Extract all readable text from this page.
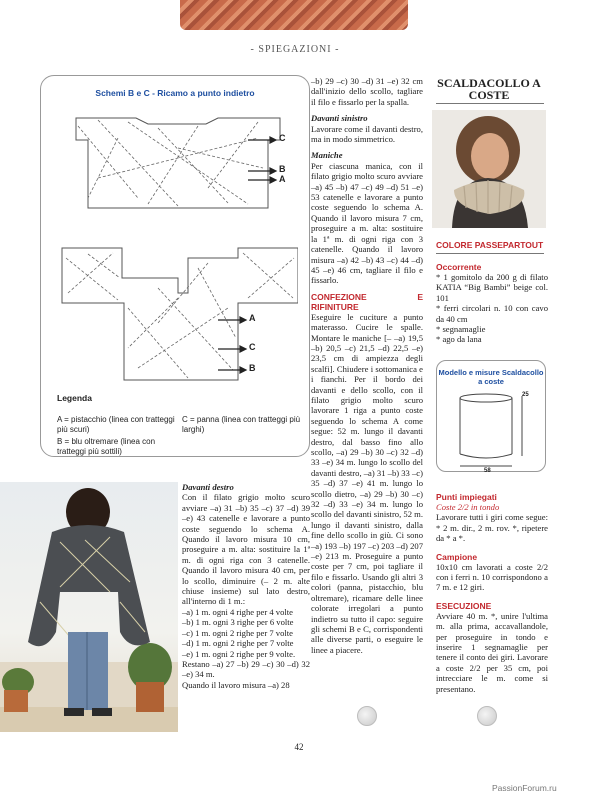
- SPIEGAZIONI -
Schemi B e C - Ricamo a punto indietro
C
B
A
A
C
B
Legenda
A = pistacchio (linea con tratteggi più scuri)
B = blu oltremare (linea con tratteggi più sottili)
C = panna (linea con tratteggi più larghi)

Davanti destro

Con il filato grigio molto scuro avviare –a) 31 –b) 35 –c) 37 –d) 39 –e) 43 catenelle e lavorare a punto coste seguendo lo schema A. Quando il lavoro misura 10 cm, proseguire a m. alta: sostituire la 1ª m. di ogni riga con 3 catenelle. Quando il lavoro misura 40 cm, per lo scollo, diminuire (– 2 m. alte chiuse insieme) sul lato destro, all'interno di 1 m.:

–a) 1 m. ogni 4 righe per 4 volte

–b) 1 m. ogni 3 righe per 6 volte

–c) 1 m. ogni 2 righe per 7 volte

–d) 1 m. ogni 2 righe per 7 volte

–e) 1 m. ogni 2 righe per 9 volte.

Restano –a) 27 –b) 29 –c) 30 –d) 32 –e) 34 m.

Quando il lavoro misura –a) 28

–b) 29 –c) 30 –d) 31 –e) 32 cm dall'inizio dello scollo, tagliare il filo e fissarlo per la spalla.

Davanti sinistro

Lavorare come il davanti destro, ma in modo simmetrico.

Maniche

Per ciascuna manica, con il filato grigio molto scuro avviare –a) 45 –b) 47 –c) 49 –d) 51 –e) 53 catenelle e lavorare a punto coste seguendo lo schema A. Quando il lavoro misura 7 cm, proseguire a m. alta: sostituire la 1ª m. di ogni riga con 3 catenelle. Quando il lavoro misura –a) 42 –b) 43 –c) 44 –d) 45 –e) 46 cm, tagliare il filo e fissarlo.

CONFEZIONE E RIFINITURE

Eseguire le cuciture a punto materasso. Cucire le spalle. Montare le maniche [– –a) 19,5 –b) 20,5 –c) 21,5 –d) 22,5 –e) 23,5 cm di ampiezza degli scalfi]. Chiudere i sottomanica e i fianchi. Per il bordo dei davanti e dello scollo, con il filato grigio molto scuro lavorare 1 riga a punto coste seguendo lo schema A come segue: 52 m. lungo il davanti destro, dal basso fino allo scollo, –a) 29 –b) 30 –c) 32 –d) 33 –e) 34 m. lungo lo scollo del davanti destro, –a) 31 –b) 33 –c) 35 –d) 37 –e) 41 m. lungo lo scollo dietro, –a) 29 –b) 30 –c) 32 –d) 33 –e) 34 m. lungo lo scollo del davanti sinistro, 52 m. lungo il davanti sinistro, dalla fine dello scollo in giù. Ci sono –a) 193 –b) 197 –c) 203 –d) 207 –e) 213 m. Proseguire a punto coste per 7 cm, poi tagliare il filo e fissarlo. Usando gli altri 3 colori (panna, pistacchio, blu oltremare), ricamare delle linee colorate irregolari a punto indietro su tutto il capo: seguire gli schemi B e C, corrispondenti alle diverse parti, o eseguire le linee a piacere.

SCALDACOLLO A COSTE
COLORE PASSEPARTOUT

Occorrente

* 1 gomitolo da 200 g di filato KATIA “Big Bambi” beige col. 101

* ferri circolari n. 10 con cavo da 40 cm

* segnamaglie

* ago da lana

Modello e misure Scaldacollo a coste
25
58

Punti impiegati

Coste 2/2 in tondo

Lavorare tutti i giri come segue: * 2 m. dir., 2 m. rov. *, ripetere da * a *.

Campione

10x10 cm lavorati a coste 2/2 con i ferri n. 10 corrispondono a 7 m. e 12 giri.

ESECUZIONE

Avviare 40 m. *, unire l'ultima m. alla prima, accavallandole, per proseguire in tondo e inserire 1 segnamaglie per tenere il conto dei giri. Lavorare a coste 2/2 per 35 cm, poi intrecciare le m. come si presentano.

42
PassionForum.ru
